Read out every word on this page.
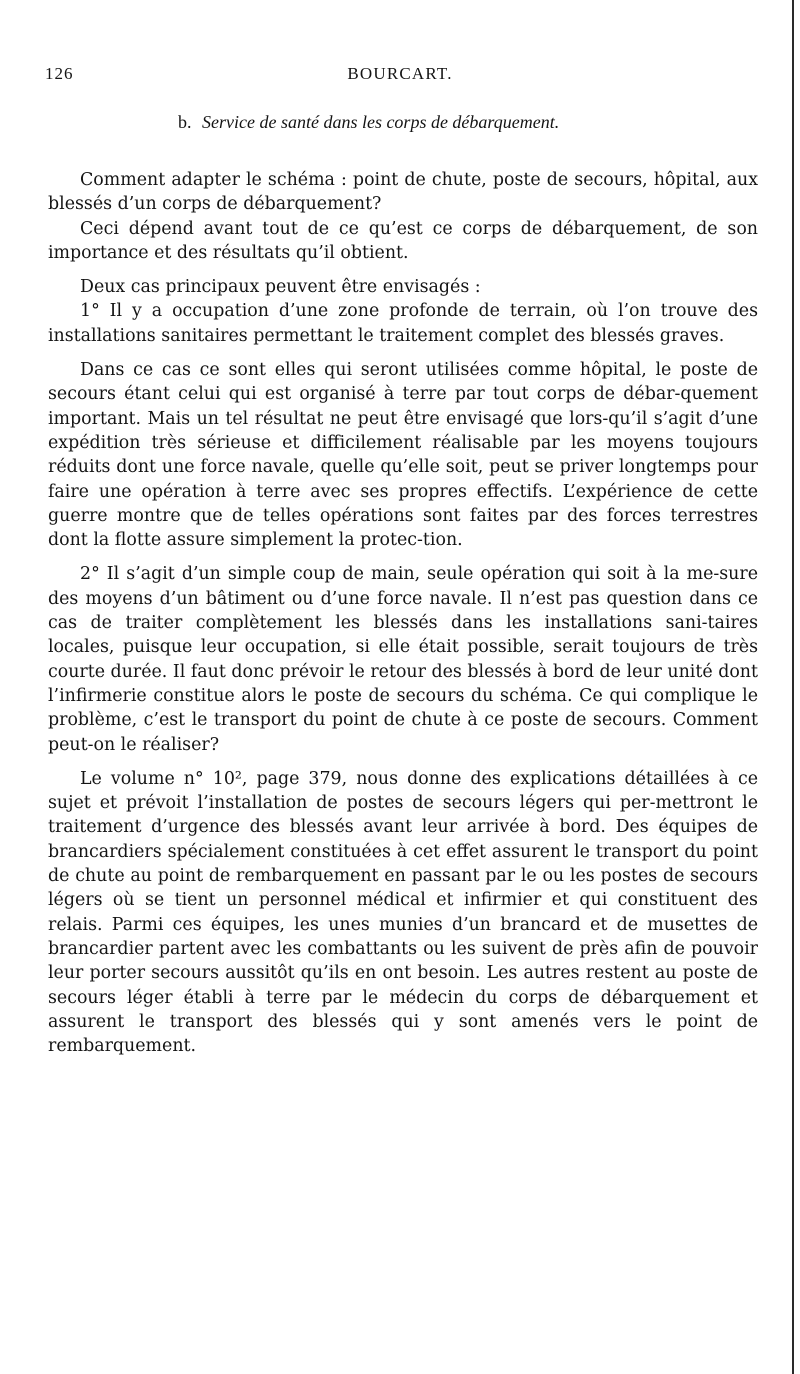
126	BOURCART.
b. Service de santé dans les corps de débarquement.

Comment adapter le schéma : point de chute, poste de secours, hôpital, aux blessés d’un corps de débarquement?

Ceci dépend avant tout de ce qu’est ce corps de débarquement, de son importance et des résultats qu’il obtient.

Deux cas principaux peuvent être envisagés :

1° Il y a occupation d’une zone profonde de terrain, où l’on trouve des installations sanitaires permettant le traitement complet des blessés graves.

Dans ce cas ce sont elles qui seront utilisées comme hôpital, le poste de secours étant celui qui est organisé à terre par tout corps de débar-quement important. Mais un tel résultat ne peut être envisagé que lors-qu’il s’agit d’une expédition très sérieuse et difficilement réalisable par les moyens toujours réduits dont une force navale, quelle qu’elle soit, peut se priver longtemps pour faire une opération à terre avec ses propres effectifs. L’expérience de cette guerre montre que de telles opérations sont faites par des forces terrestres dont la flotte assure simplement la protec-tion.

2° Il s’agit d’un simple coup de main, seule opération qui soit à la me-sure des moyens d’un bâtiment ou d’une force navale. Il n’est pas question dans ce cas de traiter complètement les blessés dans les installations sani-taires locales, puisque leur occupation, si elle était possible, serait toujours de très courte durée. Il faut donc prévoir le retour des blessés à bord de leur unité dont l’infirmerie constitue alors le poste de secours du schéma. Ce qui complique le problème, c’est le transport du point de chute à ce poste de secours. Comment peut-on le réaliser?

Le volume n° 10², page 379, nous donne des explications détaillées à ce sujet et prévoit l’installation de postes de secours légers qui per-mettront le traitement d’urgence des blessés avant leur arrivée à bord. Des équipes de brancardiers spécialement constituées à cet effet assurent le transport du point de chute au point de rembarquement en passant par le ou les postes de secours légers où se tient un personnel médical et infirmier et qui constituent des relais. Parmi ces équipes, les unes munies d’un brancard et de musettes de brancardier partent avec les combattants ou les suivent de près afin de pouvoir leur porter secours aussitôt qu’ils en ont besoin. Les autres restent au poste de secours léger établi à terre par le médecin du corps de débarquement et assurent le transport des blessés qui y sont amenés vers le point de rembarquement.
